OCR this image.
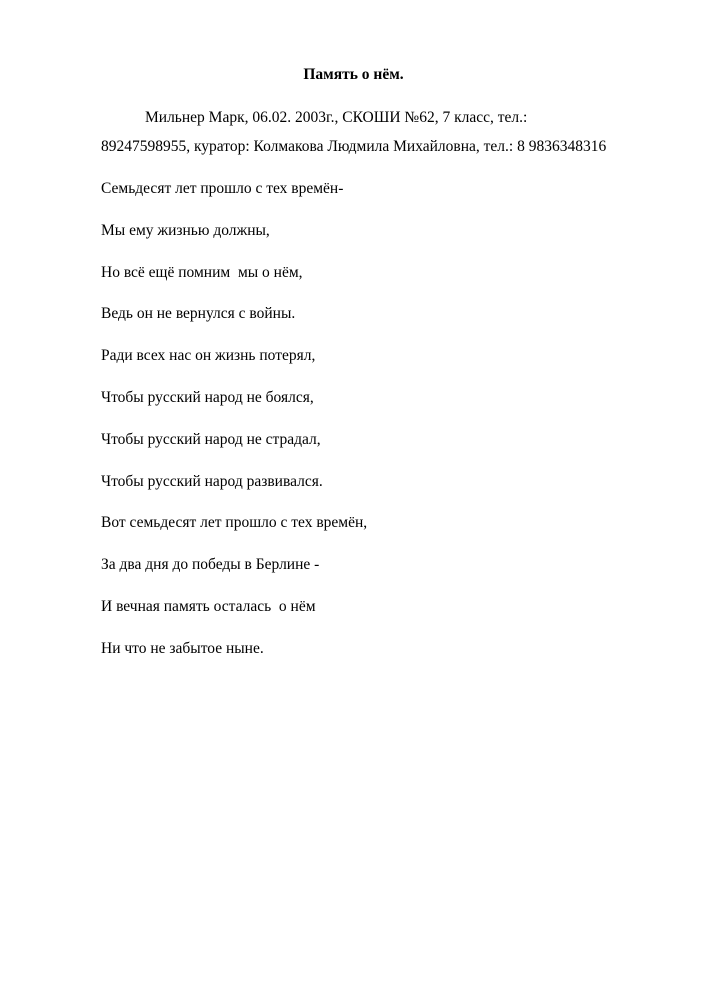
Память о нём.
Мильнер Марк, 06.02. 2003г., СКОШИ №62, 7 класс, тел.:
89247598955, куратор: Колмакова Людмила Михайловна, тел.: 8 9836348316
Семьдесят лет прошло с тех времён-
Мы ему жизнью должны,
Но всё ещё помним  мы о нём,
Ведь он не вернулся с войны.
Ради всех нас он жизнь потерял,
Чтобы русский народ не боялся,
Чтобы русский народ не страдал,
Чтобы русский народ развивался.
Вот семьдесят лет прошло с тех времён,
За два дня до победы в Берлине -
И вечная память осталась  о нём
Ни что не забытое ныне.
